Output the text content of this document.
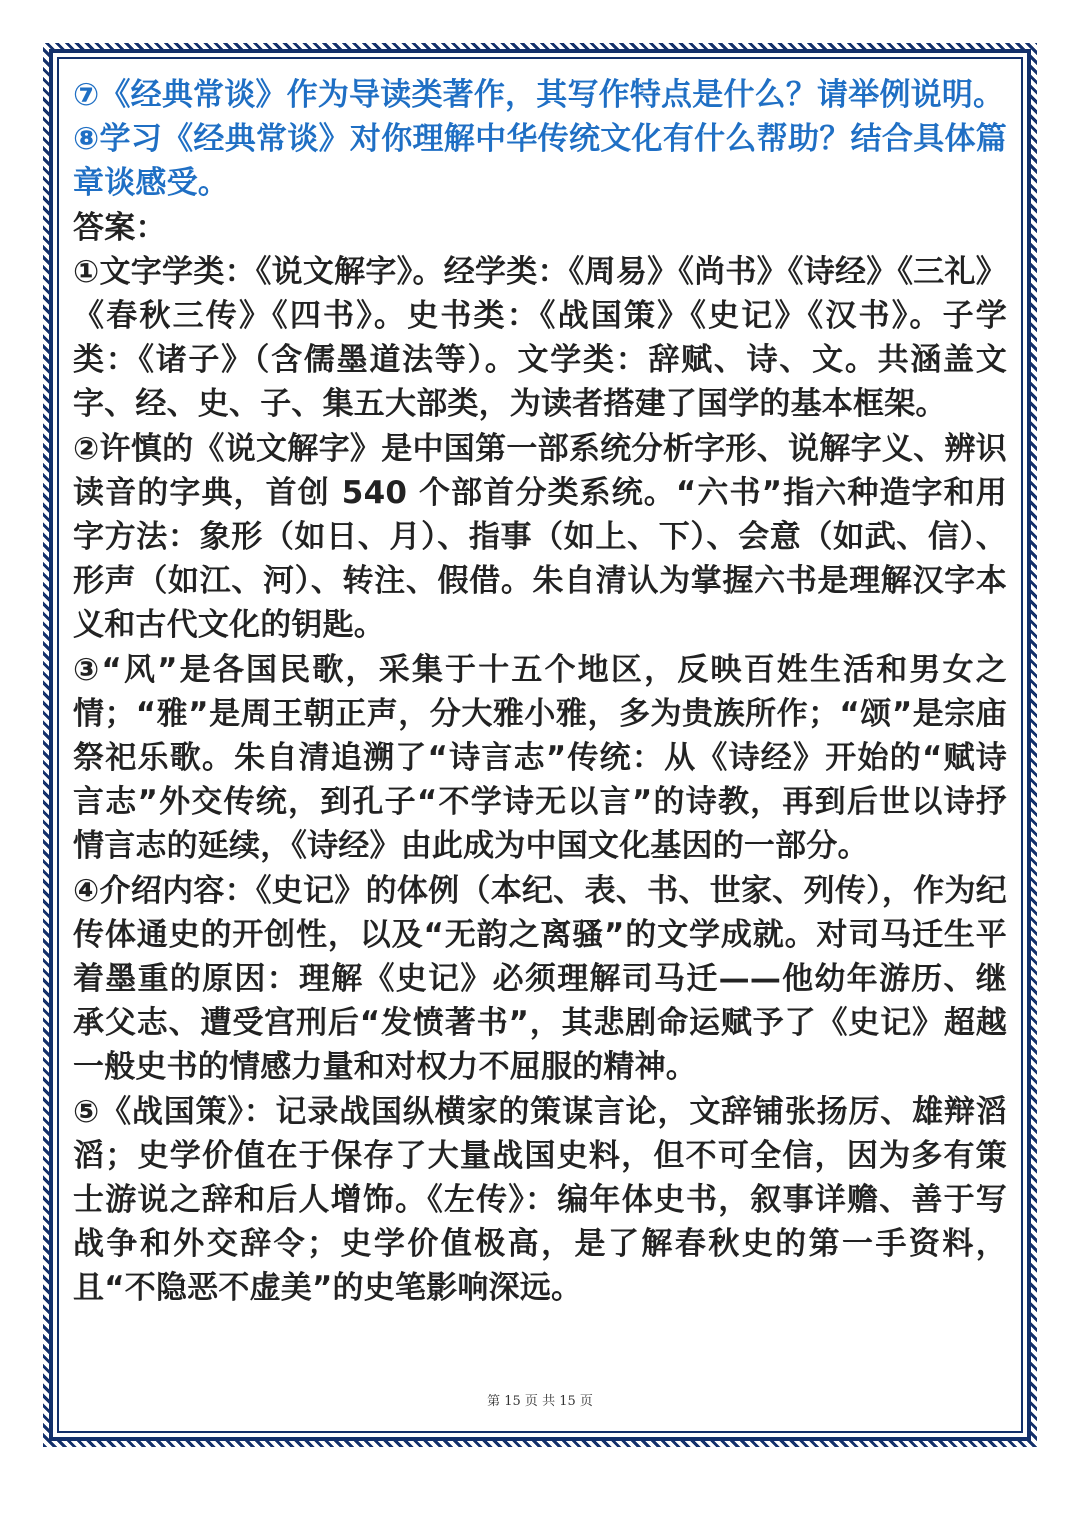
⑦《经典常谈》作为导读类著作，其写作特点是什么？请举例说明。

⑧学习《经典常谈》对你理解中华传统文化有什么帮助？结合具体篇章谈感受。

答案：

①文字学类：《说文解字》。经学类：《周易》《尚书》《诗经》《三礼》《春秋三传》《四书》。史书类：《战国策》《史记》《汉书》。子学类：《诸子》（含儒墨道法等）。文学类：辞赋、诗、文。共涵盖文字、经、史、子、集五大部类，为读者搭建了国学的基本框架。

②许慎的《说文解字》是中国第一部系统分析字形、说解字义、辨识读音的字典，首创 540 个部首分类系统。“六书”指六种造字和用字方法：象形（如日、月）、指事（如上、下）、会意（如武、信）、形声（如江、河）、转注、假借。朱自清认为掌握六书是理解汉字本义和古代文化的钥匙。

③“风”是各国民歌，采集于十五个地区，反映百姓生活和男女之情；“雅”是周王朝正声，分大雅小雅，多为贵族所作；“颂”是宗庙祭祀乐歌。朱自清追溯了“诗言志”传统：从《诗经》开始的“赋诗言志”外交传统，到孔子“不学诗无以言”的诗教，再到后世以诗抒情言志的延续，《诗经》由此成为中国文化基因的一部分。

④介绍内容：《史记》的体例（本纪、表、书、世家、列传），作为纪传体通史的开创性，以及“无韵之离骚”的文学成就。对司马迁生平着墨重的原因：理解《史记》必须理解司马迁——他幼年游历、继承父志、遭受宫刑后“发愤著书”，其悲剧命运赋予了《史记》超越一般史书的情感力量和对权力不屈服的精神。

⑤《战国策》：记录战国纵横家的策谋言论，文辞铺张扬厉、雄辩滔滔；史学价值在于保存了大量战国史料，但不可全信，因为多有策士游说之辞和后人增饰。《左传》：编年体史书，叙事详赡、善于写战争和外交辞令；史学价值极高，是了解春秋史的第一手资料，且“不隐恶不虚美”的史笔影响深远。

第 15 页 共 15 页
